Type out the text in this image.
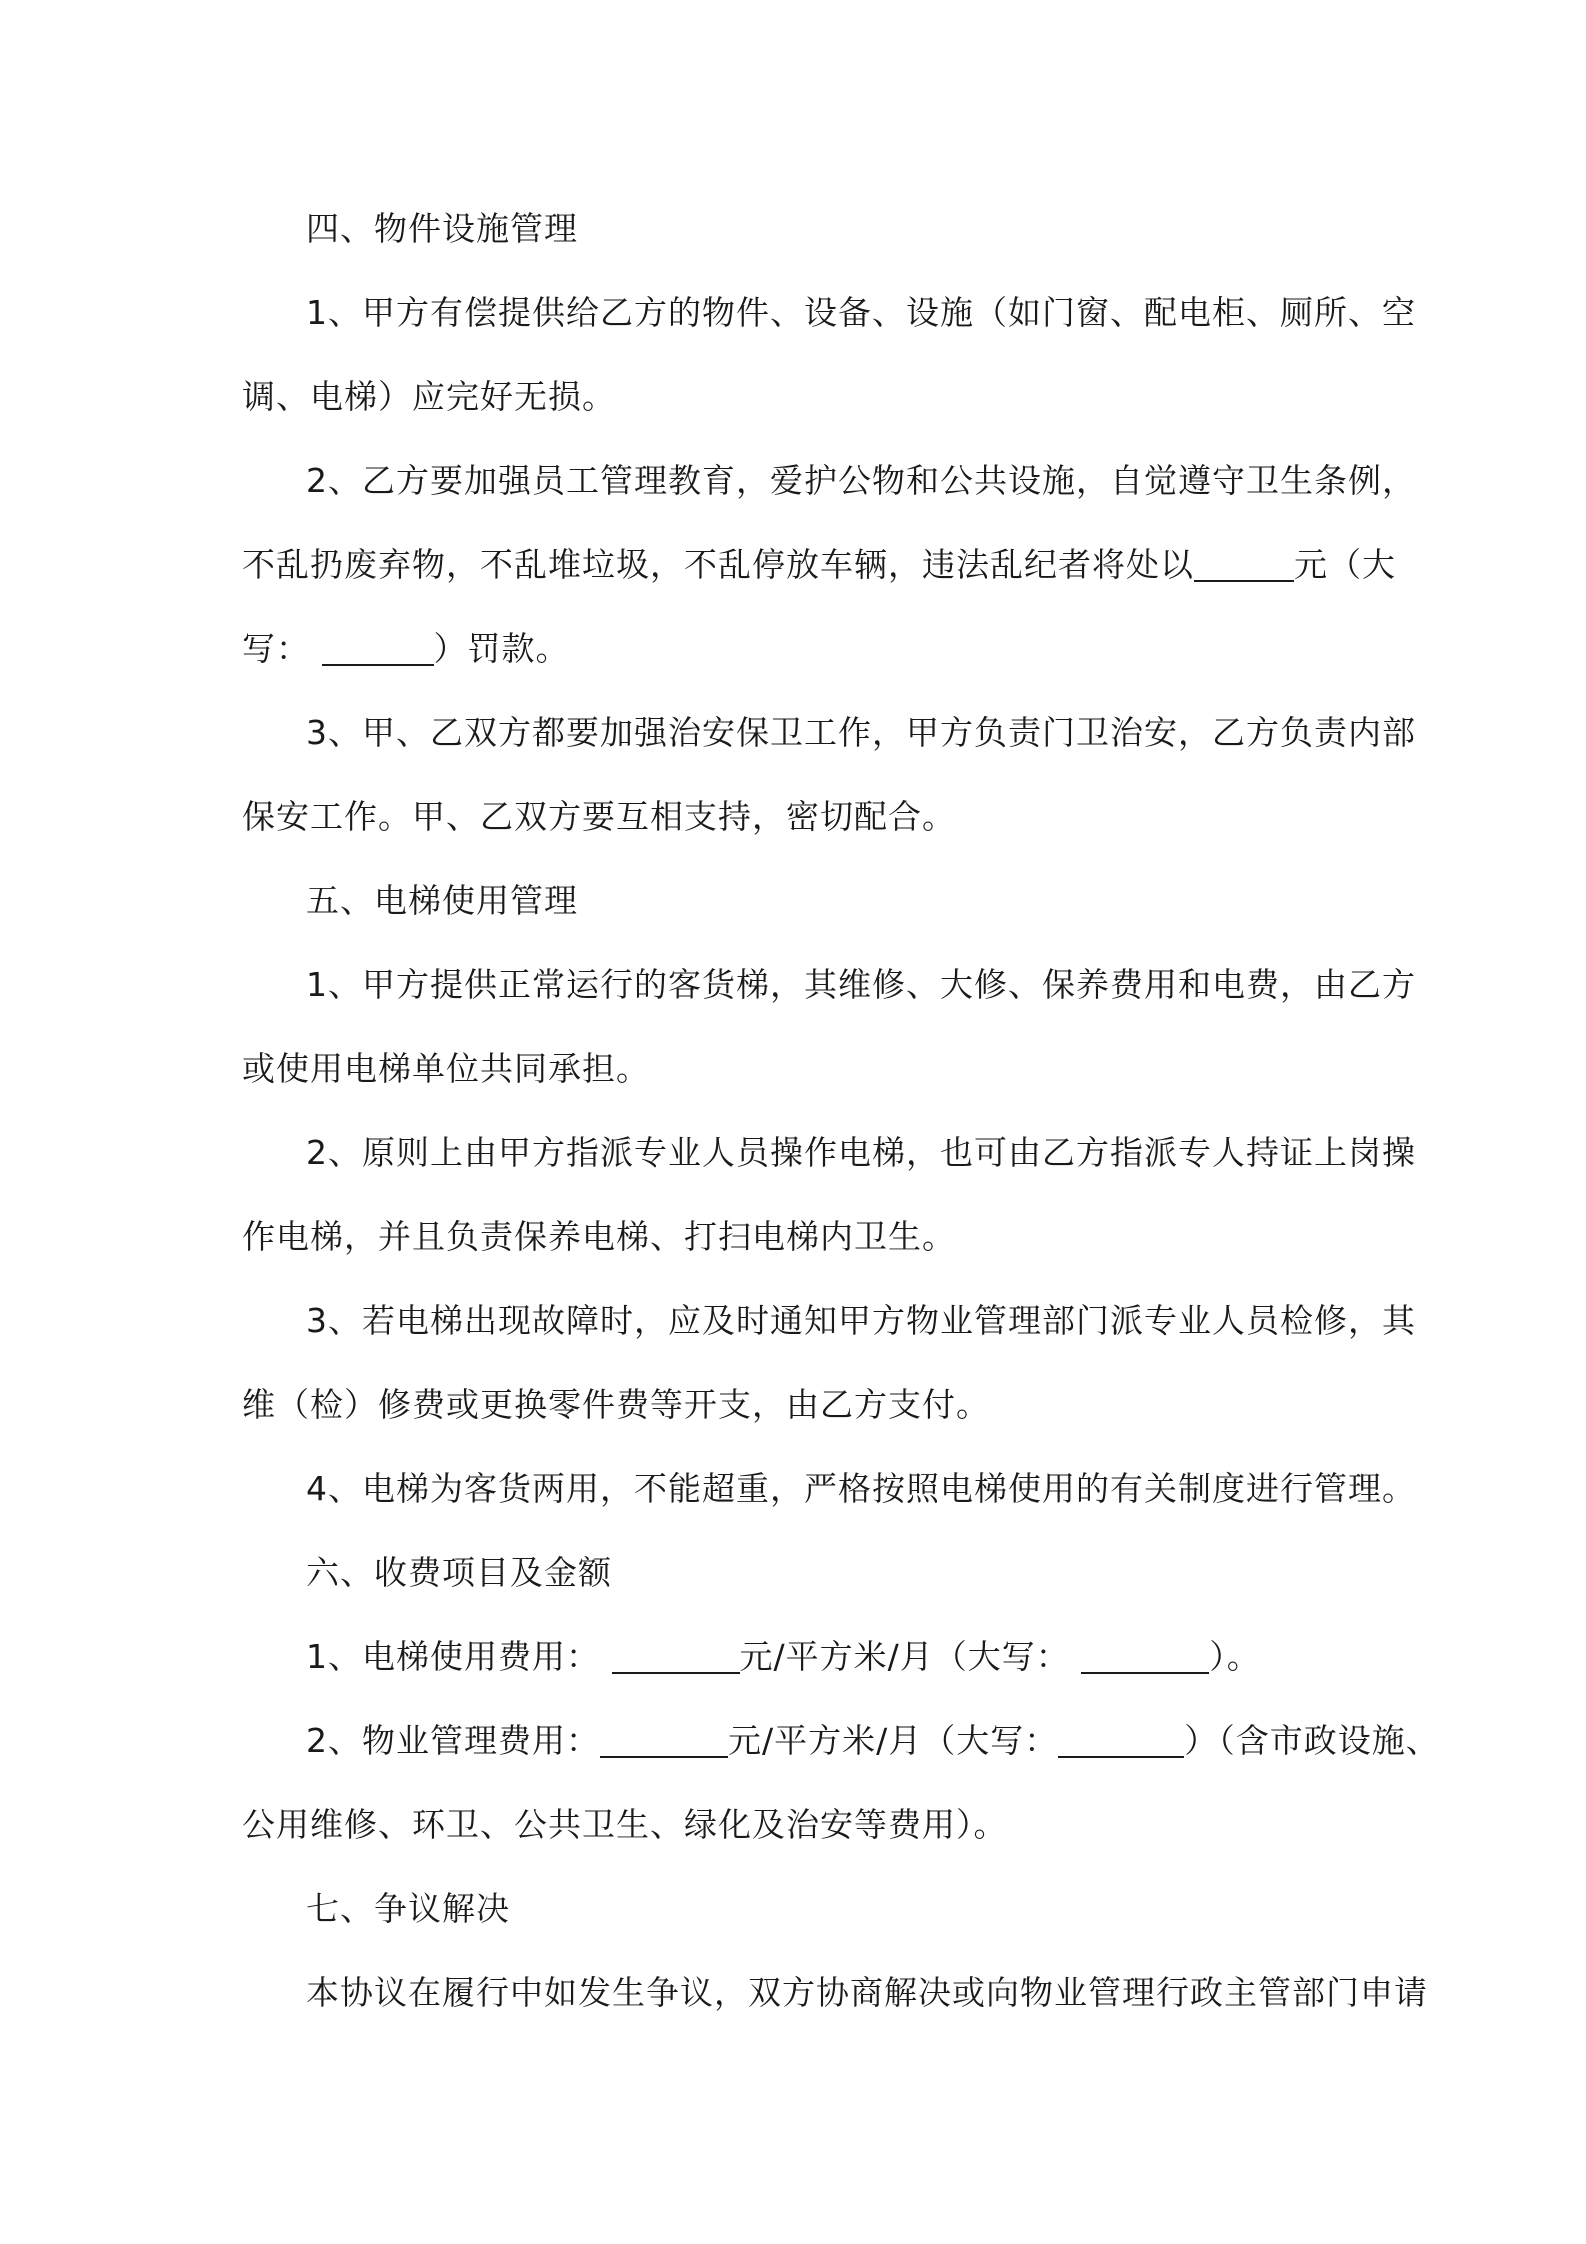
四、物件设施管理
1、甲方有偿提供给乙方的物件、设备、设施（如门窗、配电柜、厕所、空
调、电梯）应完好无损。
2、乙方要加强员工管理教育，爱护公物和公共设施，自觉遵守卫生条例，
不乱扔废弃物，不乱堆垃圾，不乱停放车辆，违法乱纪者将处以	元（大
写：	）罚款。
3、甲、乙双方都要加强治安保卫工作，甲方负责门卫治安，乙方负责内部
保安工作。甲、乙双方要互相支持，密切配合。
五、电梯使用管理
1、甲方提供正常运行的客货梯，其维修、大修、保养费用和电费，由乙方
或使用电梯单位共同承担。
2、原则上由甲方指派专业人员操作电梯，也可由乙方指派专人持证上岗操
作电梯，并且负责保养电梯、打扫电梯内卫生。
3、若电梯出现故障时，应及时通知甲方物业管理部门派专业人员检修，其
维（检）修费或更换零件费等开支，由乙方支付。
4、电梯为客货两用，不能超重，严格按照电梯使用的有关制度进行管理。
六、收费项目及金额
1、电梯使用费用：	元/平方米/月（大写：	）。
2、物业管理费用：	元/平方米/月（大写：	）（含市政设施、
公用维修、环卫、公共卫生、绿化及治安等费用）。
七、争议解决
本协议在履行中如发生争议，双方协商解决或向物业管理行政主管部门申请
